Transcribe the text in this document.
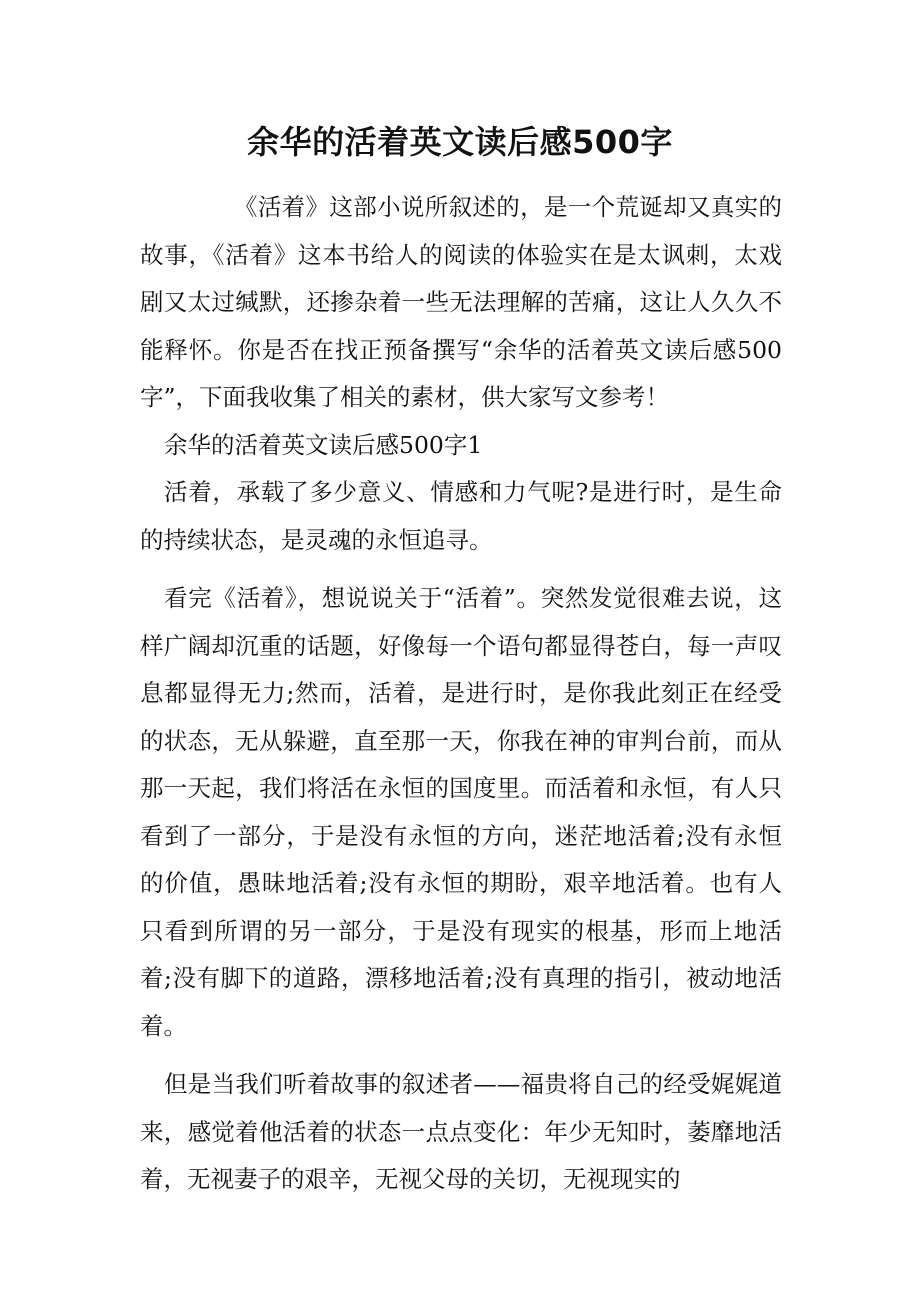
余华的活着英文读后感500字

《活着》这部小说所叙述的，是一个荒诞却又真实的故事，《活着》这本书给人的阅读的体验实在是太讽刺，太戏剧又太过缄默，还掺杂着一些无法理解的苦痛，这让人久久不能释怀。你是否在找正预备撰写“余华的活着英文读后感500字”，下面我收集了相关的素材，供大家写文参考！

余华的活着英文读后感500字1

活着，承载了多少意义、情感和力气呢?是进行时，是生命的持续状态，是灵魂的永恒追寻。

看完《活着》，想说说关于“活着”。突然发觉很难去说，这样广阔却沉重的话题，好像每一个语句都显得苍白，每一声叹息都显得无力;然而，活着，是进行时，是你我此刻正在经受的状态，无从躲避，直至那一天，你我在神的审判台前，而从那一天起，我们将活在永恒的国度里。而活着和永恒，有人只看到了一部分，于是没有永恒的方向，迷茫地活着;没有永恒的价值，愚昧地活着;没有永恒的期盼，艰辛地活着。也有人只看到所谓的另一部分，于是没有现实的根基，形而上地活着;没有脚下的道路，漂移地活着;没有真理的指引，被动地活着。

但是当我们听着故事的叙述者——福贵将自己的经受娓娓道来，感觉着他活着的状态一点点变化：年少无知时，萎靡地活着，无视妻子的艰辛，无视父母的关切，无视现实的
